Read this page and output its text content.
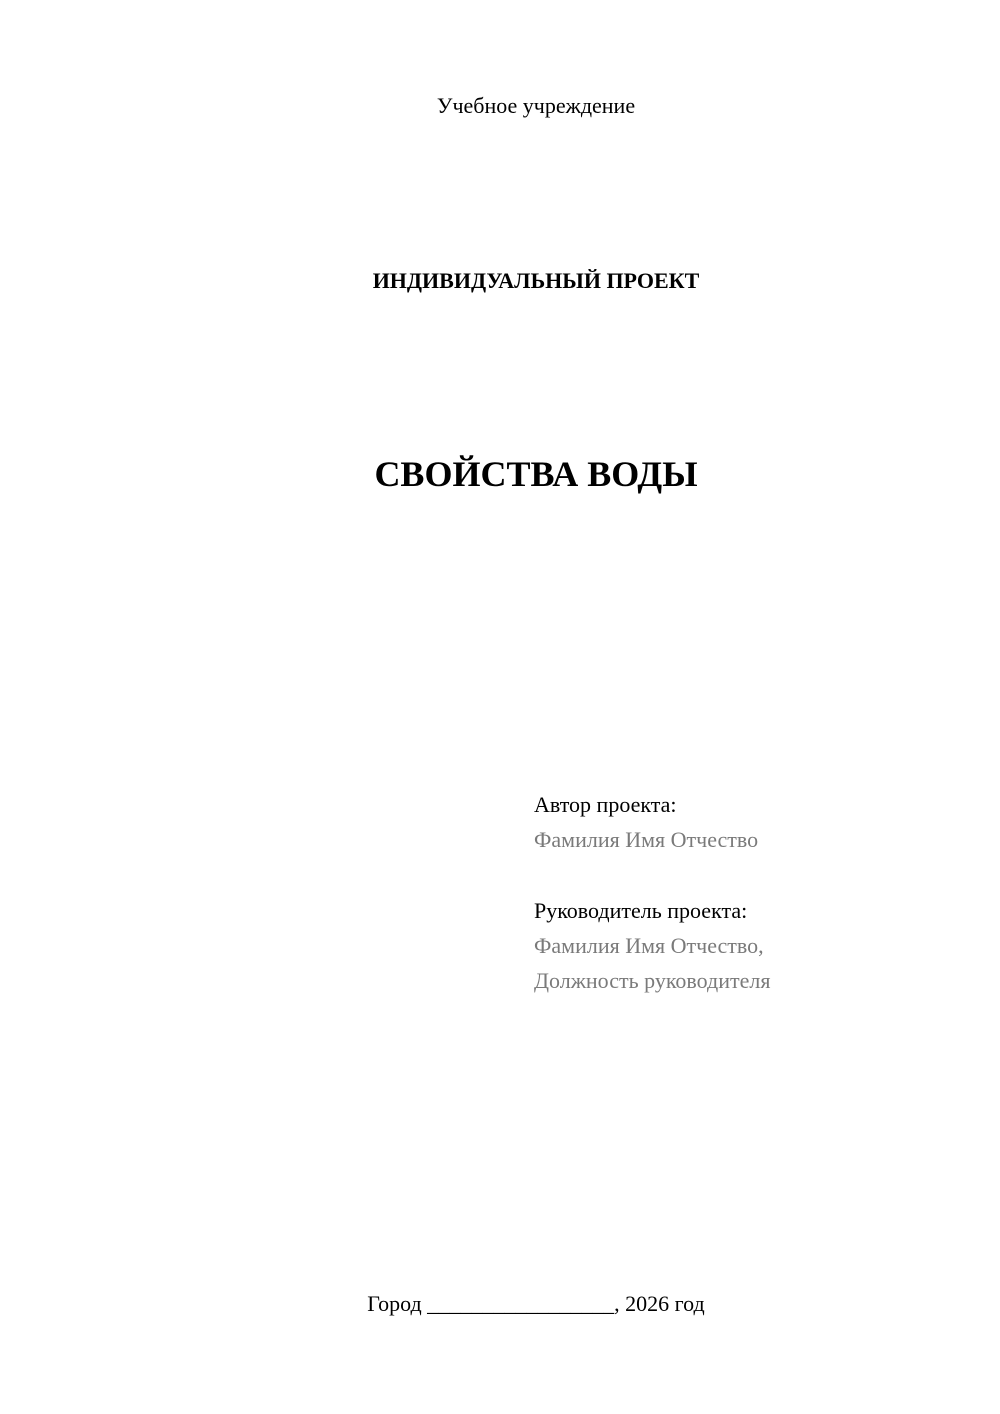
Учебное учреждение
ИНДИВИДУАЛЬНЫЙ ПРОЕКТ
СВОЙСТВА ВОДЫ
Автор проекта:
Фамилия Имя Отчество
Руководитель проекта:
Фамилия Имя Отчество,
Должность руководителя
Город _________________, 2026 год
